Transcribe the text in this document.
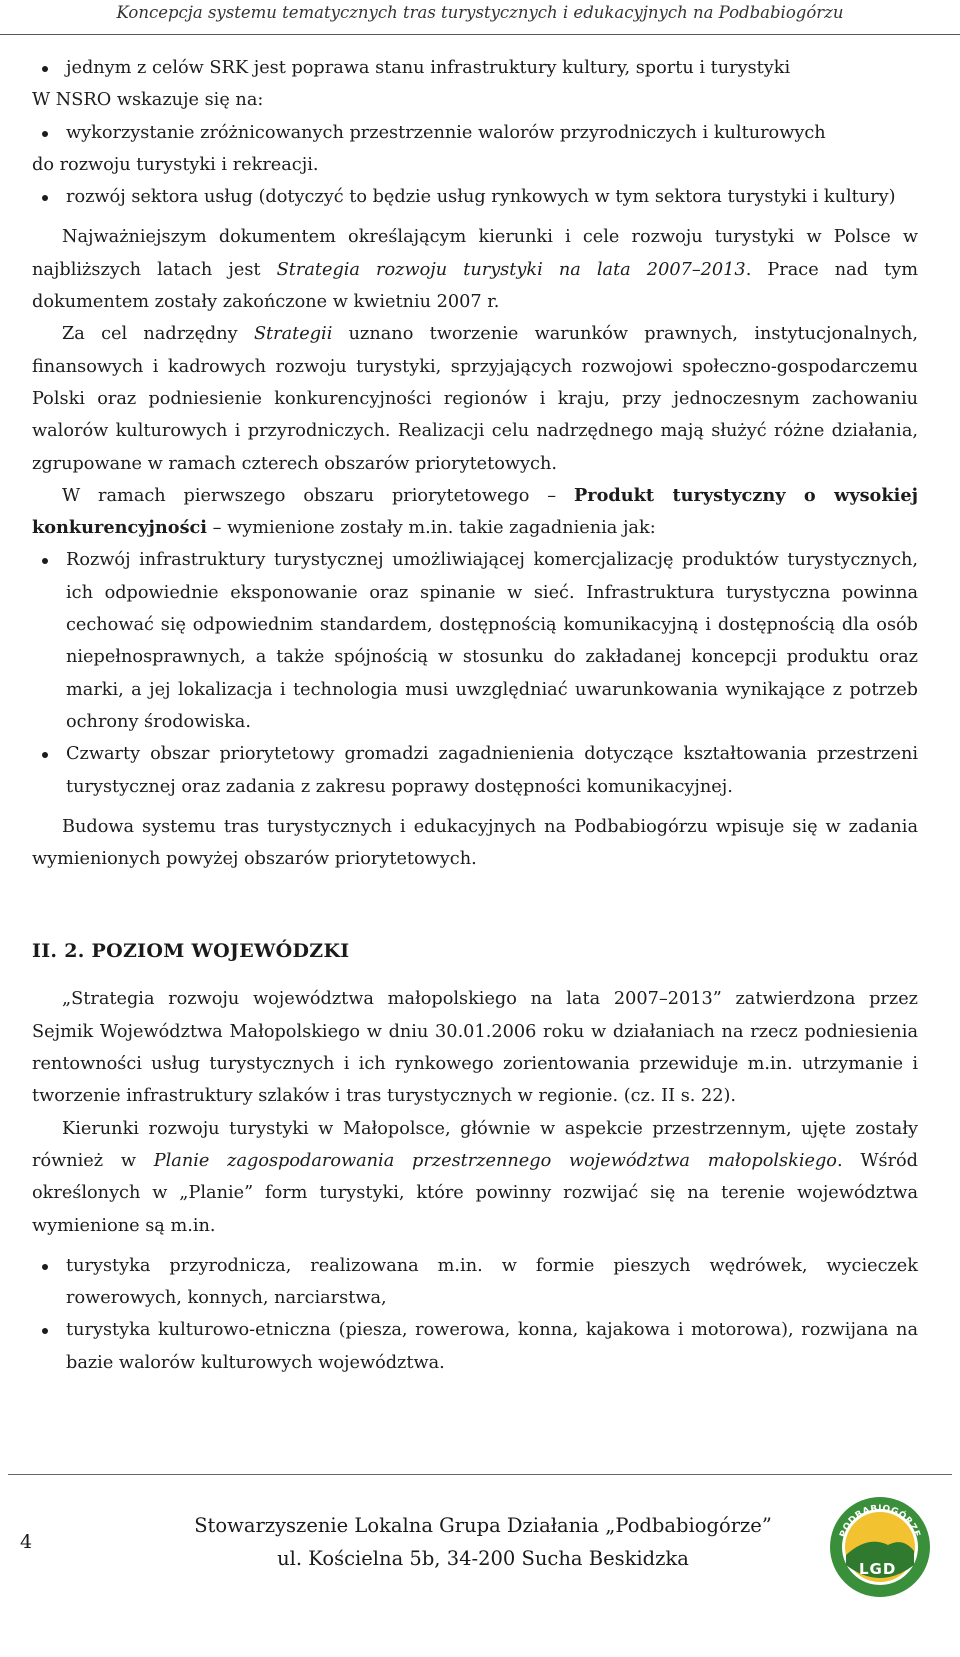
Koncepcja systemu tematycznych tras turystycznych i edukacyjnych na Podbabiogórzu

jednym z celów SRK jest poprawa stanu infrastruktury kultury, sportu i turystyki

W NSRO wskazuje się na:

wykorzystanie zróżnicowanych przestrzennie walorów przyrodniczych i kulturowych

do rozwoju turystyki i rekreacji.

rozwój sektora usług (dotyczyć to będzie usług rynkowych w tym sektora turystyki i kultury)

Najważniejszym dokumentem określającym kierunki i cele rozwoju turystyki w Polsce w najbliższych latach jest Strategia rozwoju turystyki na lata 2007–2013. Prace nad tym dokumentem zostały zakończone w kwietniu 2007 r.

Za cel nadrzędny Strategii uznano tworzenie warunków prawnych, instytucjonalnych, finansowych i kadrowych rozwoju turystyki, sprzyjających rozwojowi społeczno-gospodarczemu Polski oraz podniesienie konkurencyjności regionów i kraju, przy jednoczesnym zachowaniu walorów kulturowych i przyrodniczych. Realizacji celu nadrzędnego mają służyć różne działania, zgrupowane w ramach czterech obszarów priorytetowych.

W ramach pierwszego obszaru priorytetowego – Produkt turystyczny o wysokiej konkurencyjności – wymienione zostały m.in. takie zagadnienia jak:

Rozwój infrastruktury turystycznej umożliwiającej komercjalizację produktów turystycznych, ich odpowiednie eksponowanie oraz spinanie w sieć. Infrastruktura turystyczna powinna cechować się odpowiednim standardem, dostępnością komunikacyjną i dostępnością dla osób niepełnosprawnych, a także spójnością w stosunku do zakładanej koncepcji produktu oraz marki, a jej lokalizacja i technologia musi uwzględniać uwarunkowania wynikające z potrzeb ochrony środowiska.

Czwarty obszar priorytetowy gromadzi zagadnienienia dotyczące kształtowania przestrzeni turystycznej oraz zadania z zakresu poprawy dostępności komunikacyjnej.

Budowa systemu tras turystycznych i edukacyjnych na Podbabiogórzu wpisuje się w zadania wymienionych powyżej obszarów priorytetowych.

II. 2. POZIOM WOJEWÓDZKI

„Strategia rozwoju województwa małopolskiego na lata 2007–2013” zatwierdzona przez Sejmik Województwa Małopolskiego w dniu 30.01.2006 roku w działaniach na rzecz podniesienia rentowności usług turystycznych i ich rynkowego zorientowania przewiduje m.in. utrzymanie i tworzenie infrastruktury szlaków i tras turystycznych w regionie. (cz. II s. 22).

Kierunki rozwoju turystyki w Małopolsce, głównie w aspekcie przestrzennym, ujęte zostały również w Planie zagospodarowania przestrzennego województwa małopolskiego. Wśród określonych w „Planie” form turystyki, które powinny rozwijać się na terenie województwa wymienione są m.in.

turystyka przyrodnicza, realizowana m.in. w formie pieszych wędrówek, wycieczek rowerowych, konnych, narciarstwa,

turystyka kulturowo-etniczna (piesza, rowerowa, konna, kajakowa i motorowa), rozwijana na bazie walorów kulturowych województwa.

4
Stowarzyszenie Lokalna Grupa Działania „Podbabiogórze”
ul. Kościelna 5b, 34-200 Sucha Beskidzka
PODBABIOGÓRZE
LGD
